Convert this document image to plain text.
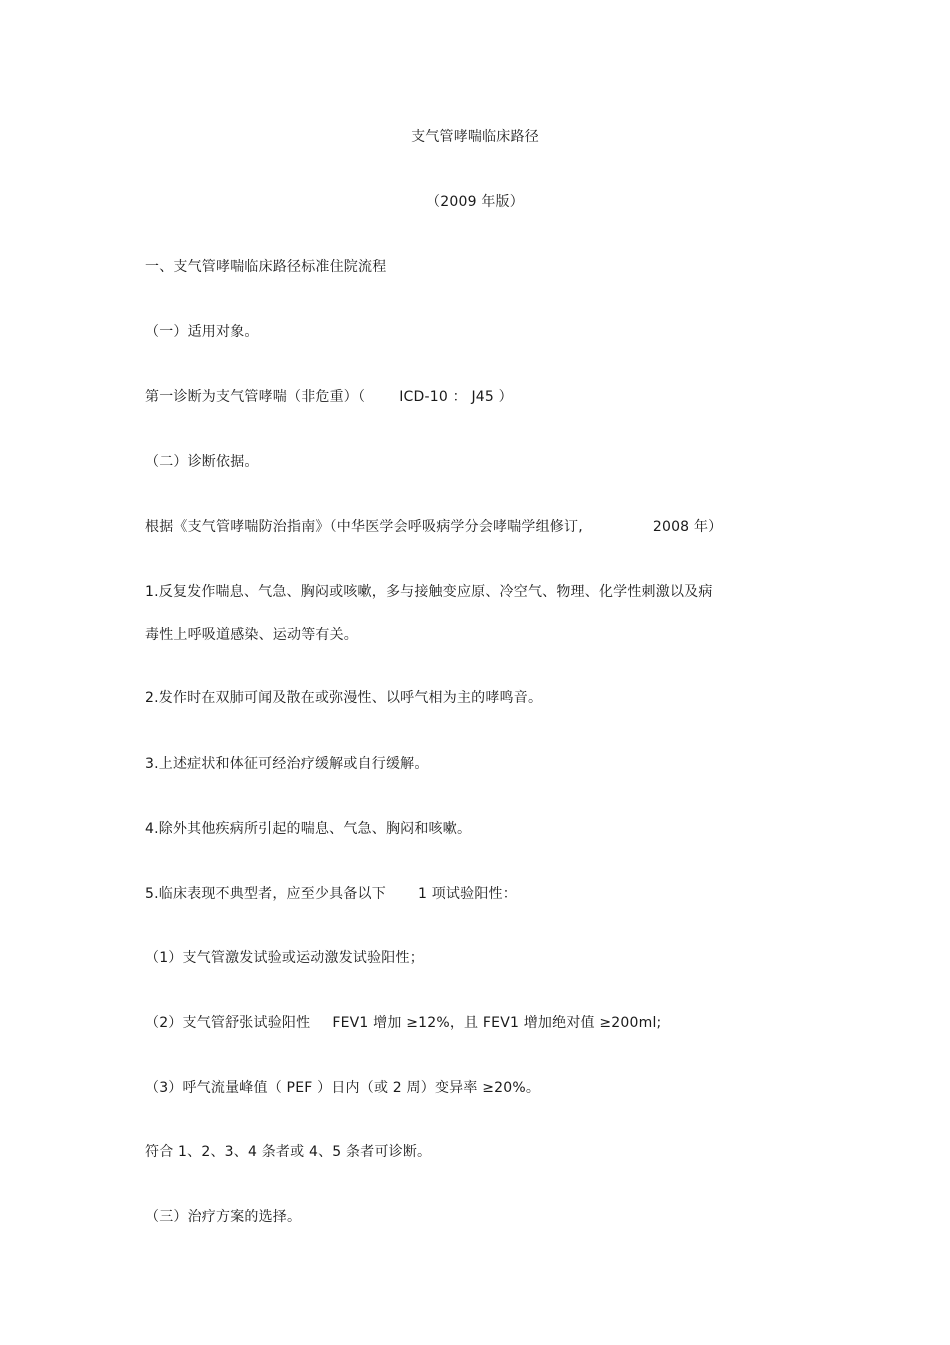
支气管哮喘临床路径
（2009 年版）
一、支气管哮喘临床路径标准住院流程
（一）适用对象。
第一诊断为支气管哮喘（非危重）（ ICD-10 ： J45 ）
（二）诊断依据。
根据《支气管哮喘防治指南》（中华医学会呼吸病学分会哮喘学组修订,	2008 年）
1.反复发作喘息、气急、胸闷或咳嗽，多与接触变应原、冷空气、物理、化学性刺激以及病
毒性上呼吸道感染、运动等有关。
2.发作时在双肺可闻及散在或弥漫性、以呼气相为主的哮鸣音。
3.上述症状和体征可经治疗缓解或自行缓解。
4.除外其他疾病所引起的喘息、气急、胸闷和咳嗽。
5.临床表现不典型者，应至少具备以下 1 项试验阳性：
（1）支气管激发试验或运动激发试验阳性；
（2）支气管舒张试验阳性 FEV1 增加 ≥12%，且 FEV1 增加绝对值 ≥200ml;
（3）呼气流量峰值（ PEF ）日内（或 2 周）变异率 ≥20%。
符合 1、2、3、4 条者或 4、5 条者可诊断。
（三）治疗方案的选择。
